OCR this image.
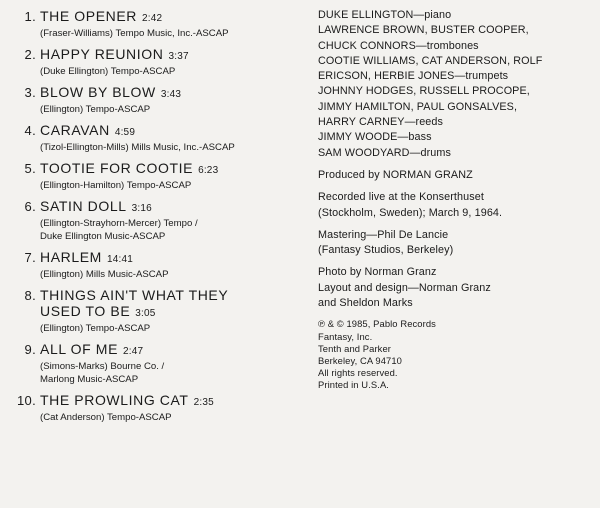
1. THE OPENER 2:42
(Fraser-Williams) Tempo Music, Inc.-ASCAP
2. HAPPY REUNION 3:37
(Duke Ellington) Tempo-ASCAP
3. BLOW BY BLOW 3:43
(Ellington) Tempo-ASCAP
4. CARAVAN 4:59
(Tizol-Ellington-Mills) Mills Music, Inc.-ASCAP
5. TOOTIE FOR COOTIE 6:23
(Ellington-Hamilton) Tempo-ASCAP
6. SATIN DOLL 3:16
(Ellington-Strayhorn-Mercer) Tempo /
Duke Ellington Music-ASCAP
7. HARLEM 14:41
(Ellington) Mills Music-ASCAP
8. THINGS AIN'T WHAT THEY
USED TO BE 3:05
(Ellington) Tempo-ASCAP
9. ALL OF ME 2:47
(Simons-Marks) Bourne Co. /
Marlong Music-ASCAP
10. THE PROWLING CAT 2:35
(Cat Anderson) Tempo-ASCAP
DUKE ELLINGTON—piano
LAWRENCE BROWN, BUSTER COOPER,
CHUCK CONNORS—trombones
COOTIE WILLIAMS, CAT ANDERSON, ROLF
ERICSON, HERBIE JONES—trumpets
JOHNNY HODGES, RUSSELL PROCOPE,
JIMMY HAMILTON, PAUL GONSALVES,
HARRY CARNEY—reeds
JIMMY WOODE—bass
SAM WOODYARD—drums
Produced by NORMAN GRANZ
Recorded live at the Konserthuset
(Stockholm, Sweden); March 9, 1964.
Mastering—Phil De Lancie
(Fantasy Studios, Berkeley)
Photo by Norman Granz
Layout and design—Norman Granz
and Sheldon Marks
℗ & © 1985, Pablo Records
Fantasy, Inc.
Tenth and Parker
Berkeley, CA 94710
All rights reserved.
Printed in U.S.A.
